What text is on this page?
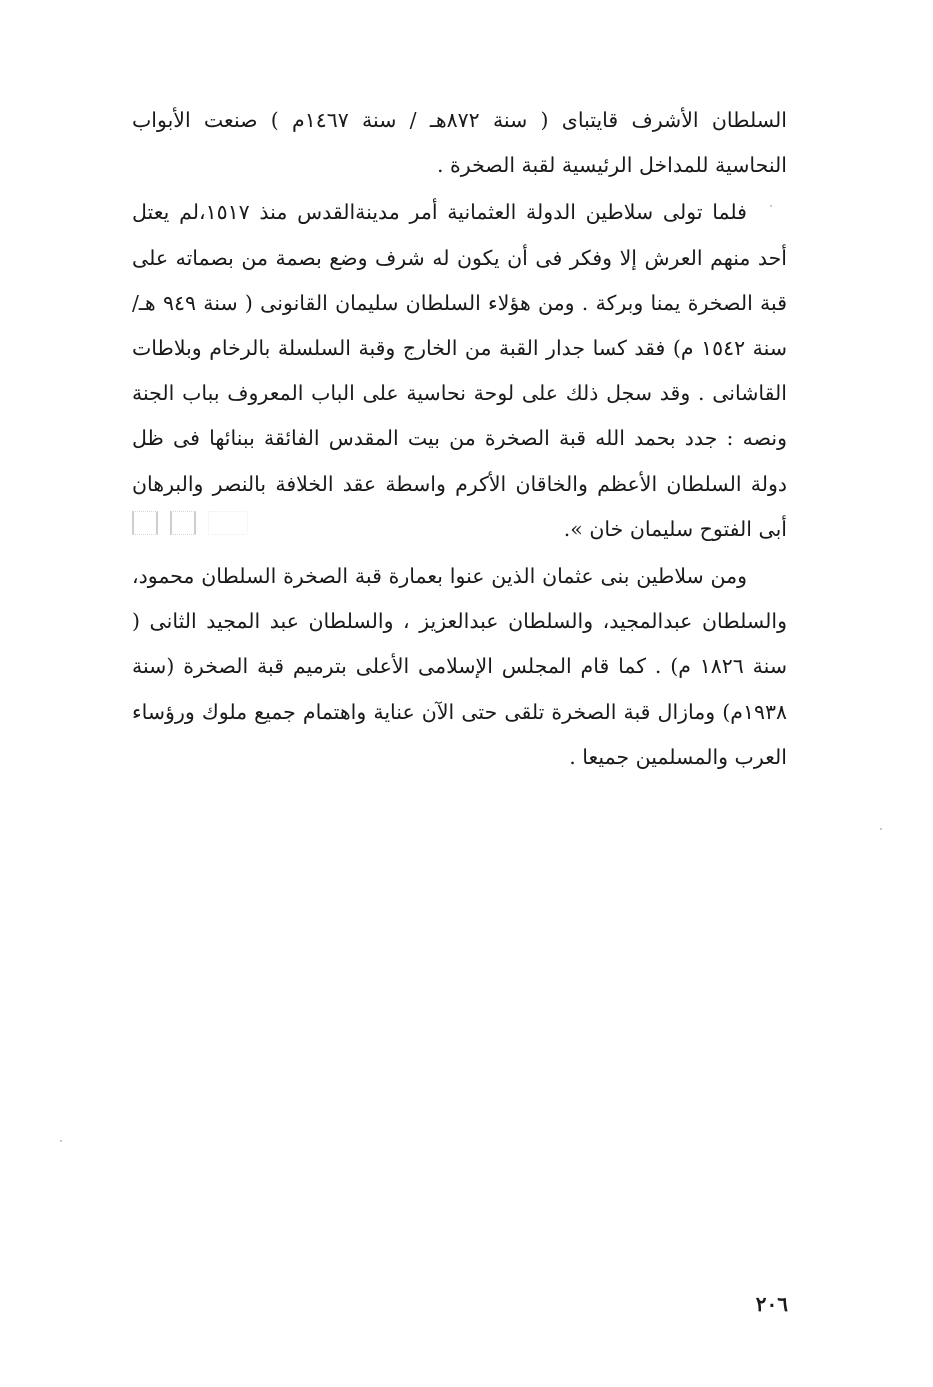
السلطان الأشرف قايتباى ( سنة ٨٧٢هـ / سنة ١٤٦٧م ) صنعت الأبواب النحاسية للمداخل الرئيسية لقبة الصخرة .

فلما تولى سلاطين الدولة العثمانية أمر مدينةالقدس منذ ١٥١٧،لم يعتل أحد منهم العرش إلا وفكر فى أن يكون له شرف وضع بصمة من بصماته على قبة الصخرة يمنا وبركة . ومن هؤلاء السلطان سليمان القانونى ( سنة ٩٤٩ هـ/ سنة ١٥٤٢ م) فقد كسا جدار القبة من الخارج وقبة السلسلة بالرخام وبلاطات القاشانى . وقد سجل ذلك على لوحة نحاسية على الباب المعروف بباب الجنة ونصه : جدد بحمد الله قبة الصخرة من بيت المقدس الفائقة ببنائها فى ظل دولة السلطان الأعظم والخاقان الأكرم واسطة عقد الخلافة بالنصر والبرهان أبى الفتوح سليمان خان ».

ومن سلاطين بنى عثمان الذين عنوا بعمارة قبة الصخرة السلطان محمود، والسلطان عبدالمجيد، والسلطان عبدالعزيز ، والسلطان عبد المجيد الثانى ( سنة ١٨٢٦ م) . كما قام المجلس الإسلامى الأعلى بترميم قبة الصخرة (سنة ١٩٣٨م) ومازال قبة الصخرة تلقى حتى الآن عناية واهتمام جميع ملوك ورؤساء العرب والمسلمين جميعا .

٢٠٦
